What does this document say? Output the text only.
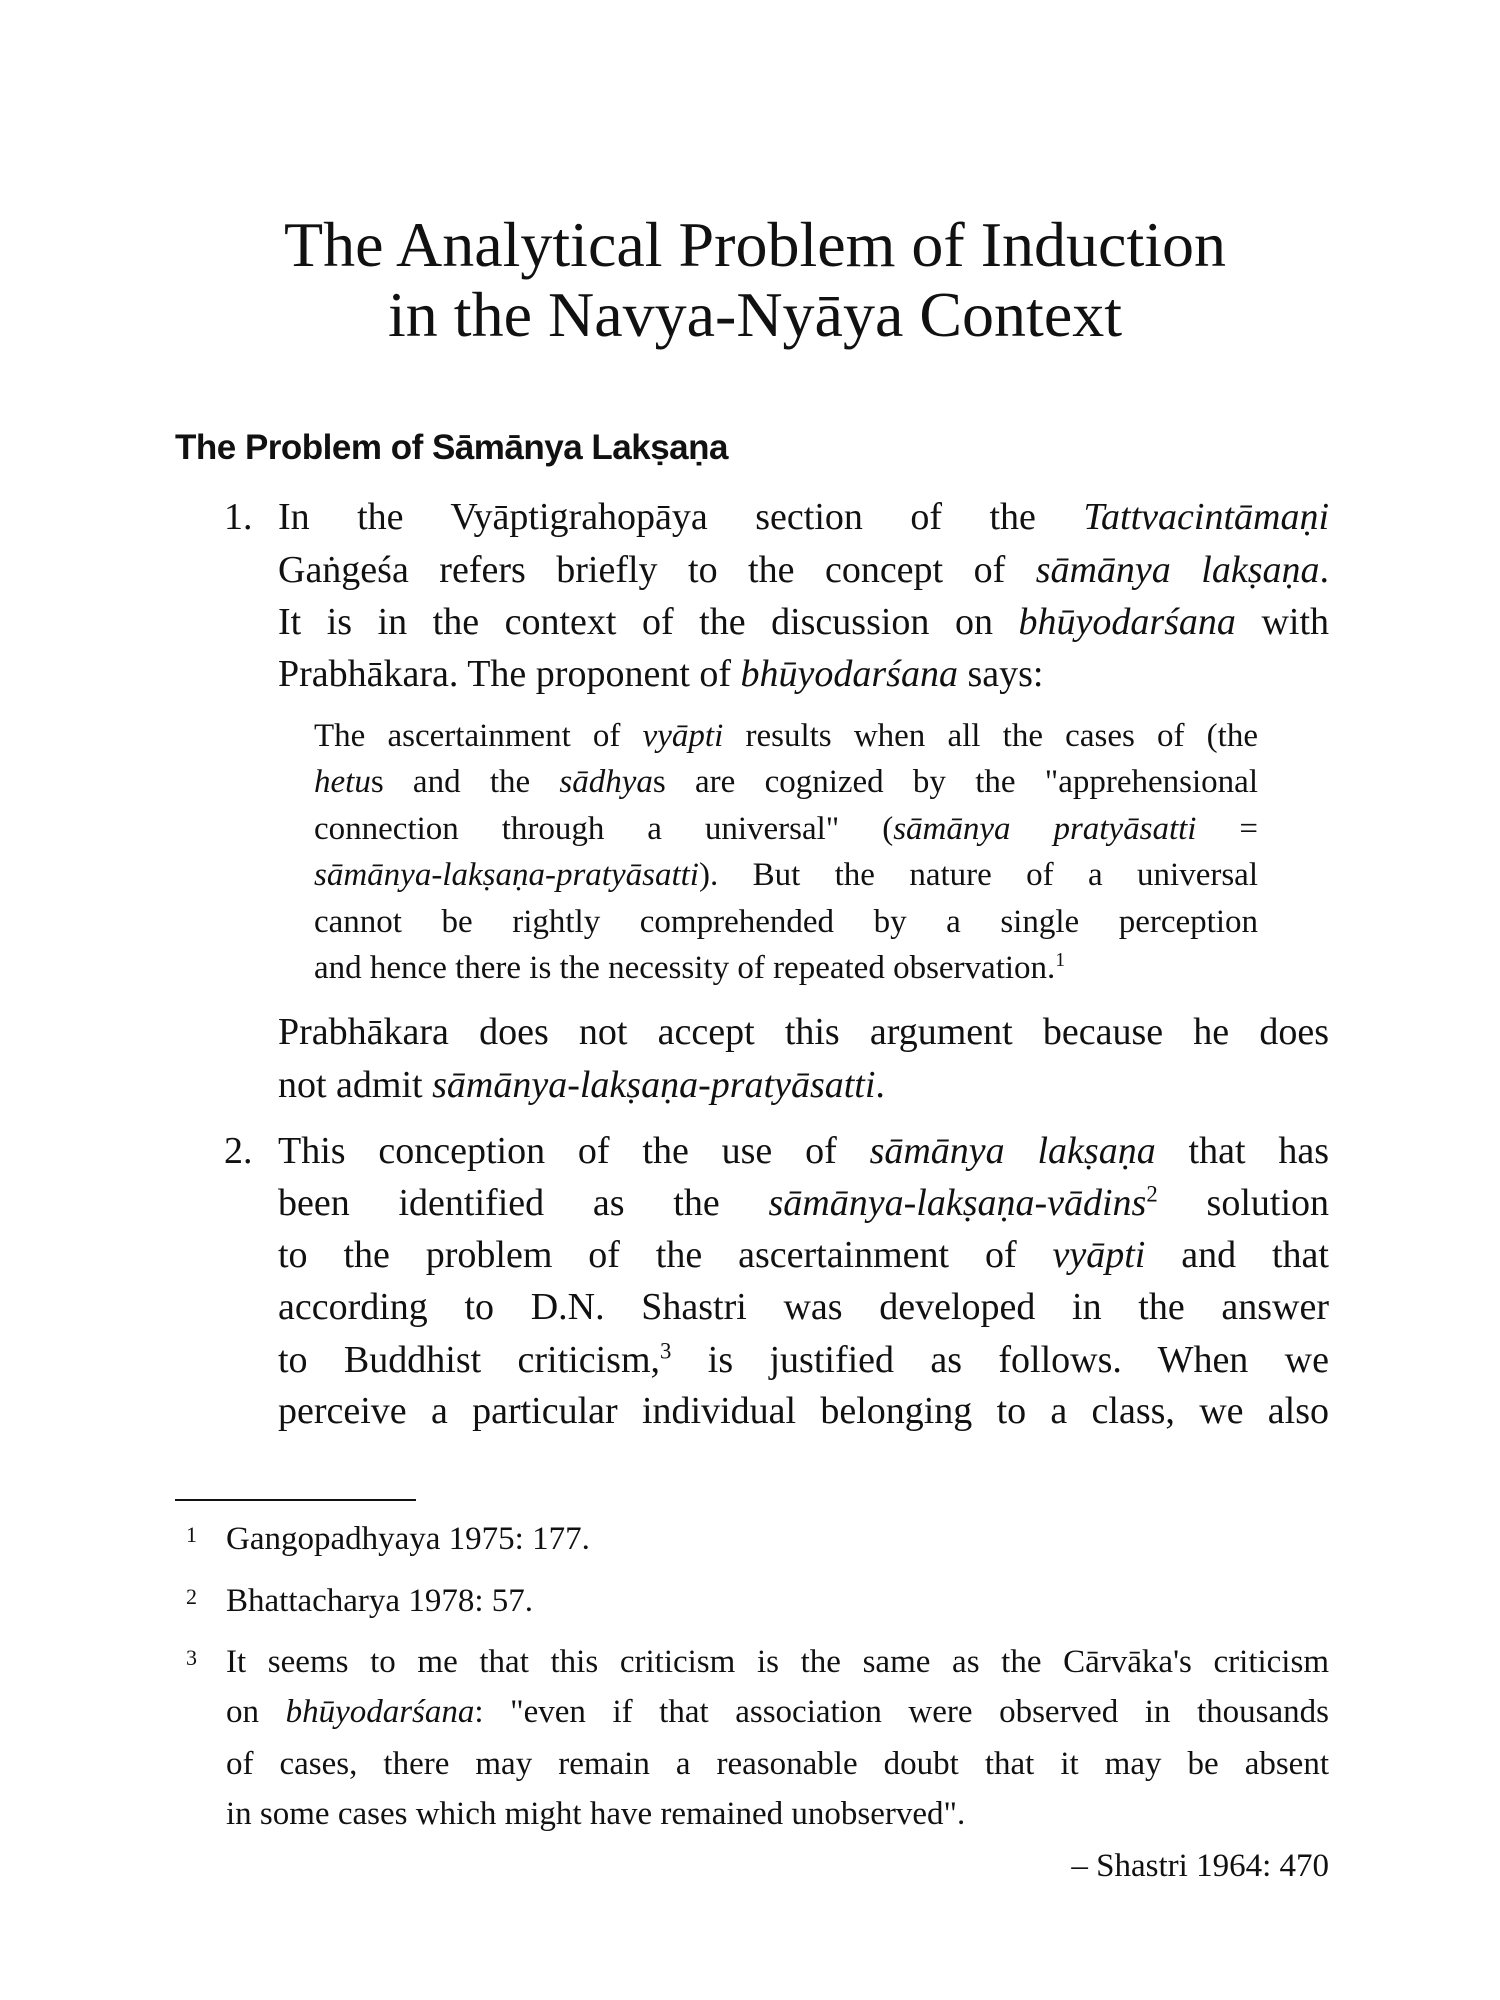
The Analytical Problem of Induction
in the Navya-Nyāya Context
The Problem of Sāmānya Lakṣaṇa
1.
2.
In the Vyāptigrahopāya section of the Tattvacintāmaṇi
Gaṅgeśa refers briefly to the concept of sāmānya lakṣaṇa.
It is in the context of the discussion on bhūyodarśana with
Prabhākara. The proponent of bhūyodarśana says:
The ascertainment of vyāpti results when all the cases of (the
hetus and the sādhyas are cognized by the "apprehensional
connection through a universal" (sāmānya pratyāsatti =
sāmānya-lakṣaṇa-pratyāsatti). But the nature of a universal
cannot be rightly comprehended by a single perception
and hence there is the necessity of repeated observation.$^1$
Prabhākara does not accept this argument because he does
not admit sāmānya-lakṣaṇa-pratyāsatti.
This conception of the use of sāmānya lakṣaṇa that has
been identified as the sāmānya-lakṣaṇa-vādins$^2$ solution
to the problem of the ascertainment of vyāpti and that
according to D.N. Shastri was developed in the answer
to Buddhist criticism,$^3$ is justified as follows. When we
perceive a particular individual belonging to a class, we also
Gangopadhyaya 1975: 177.
Bhattacharya 1978: 57.
It seems to me that this criticism is the same as the Cārvāka's criticism
on bhūyodarśana: "even if that association were observed in thousands
of cases, there may remain a reasonable doubt that it may be absent
in some cases which might have remained unobserved".
1
2
3
– Shastri 1964: 470
